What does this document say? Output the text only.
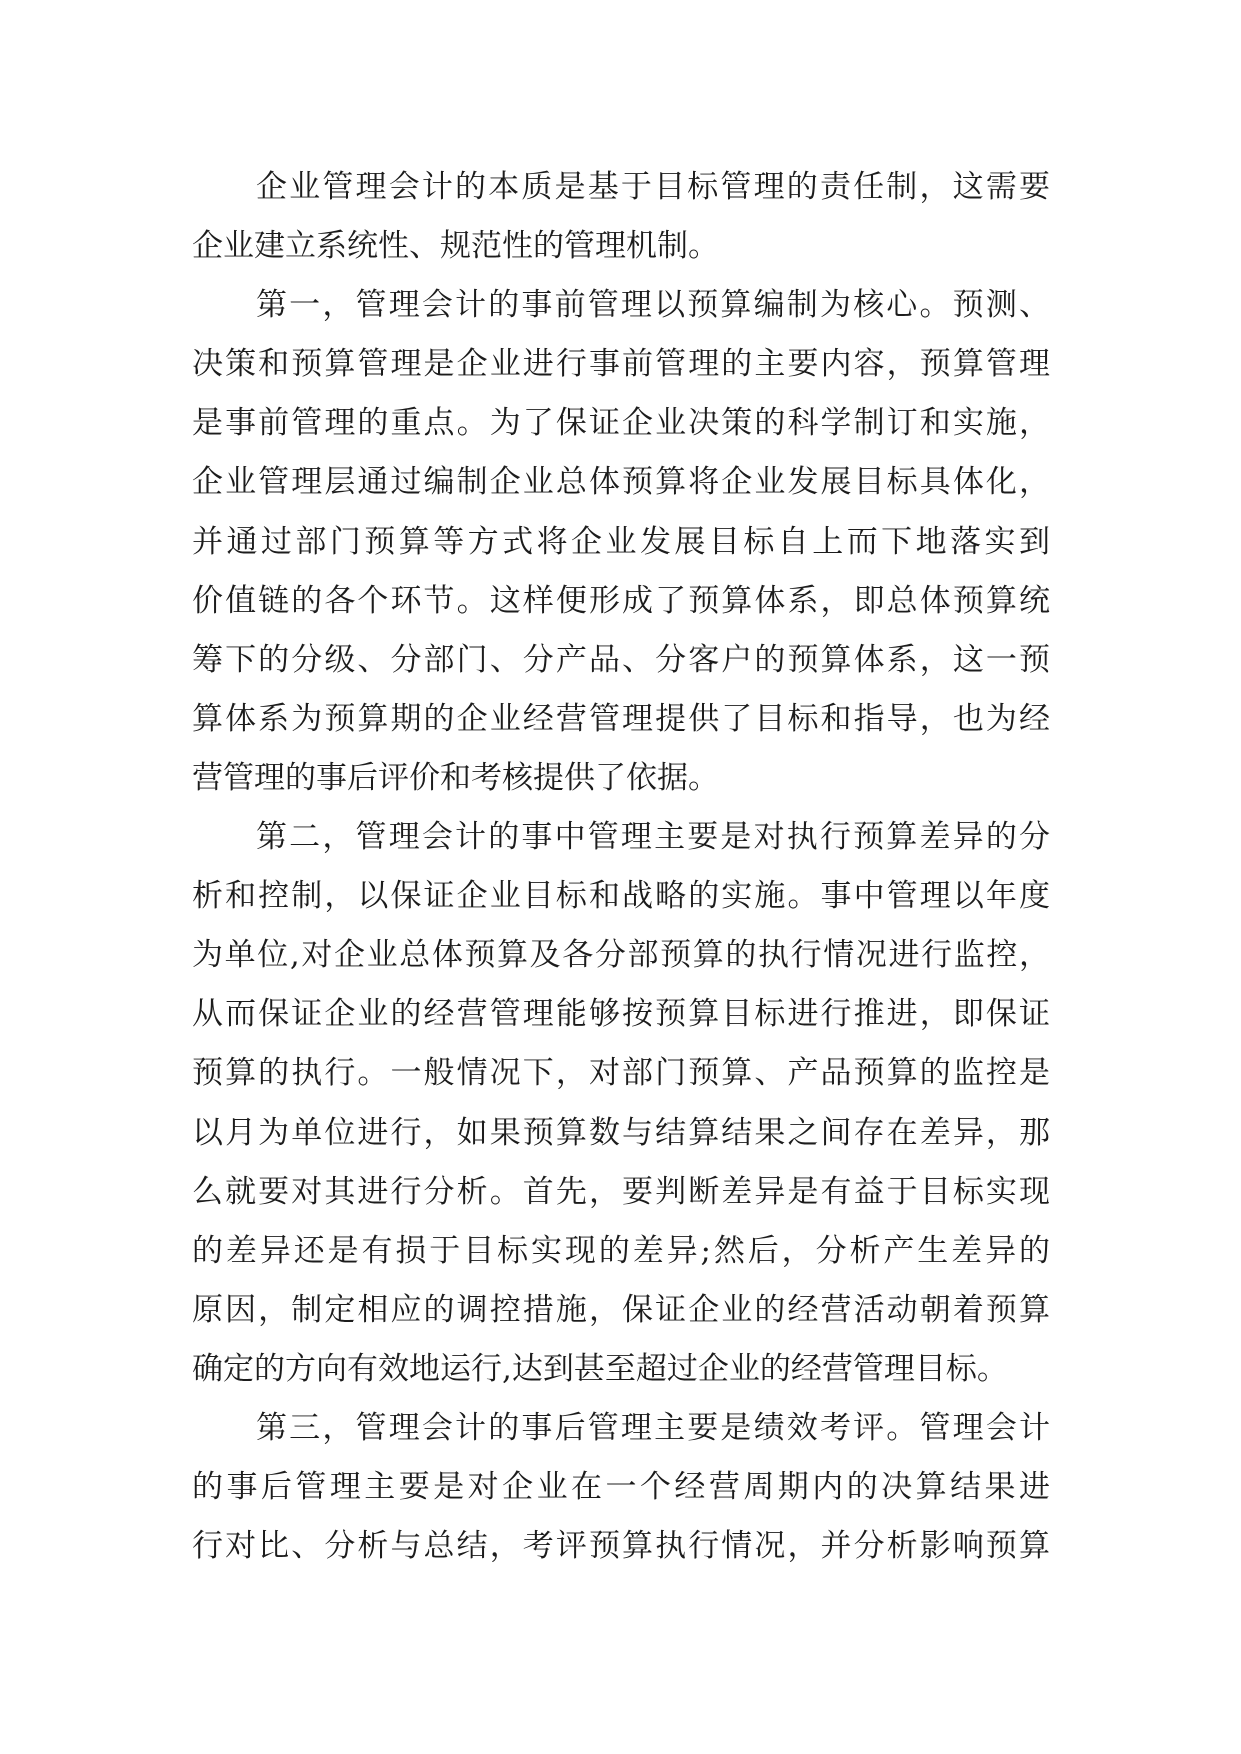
企业管理会计的本质是基于目标管理的责任制，这需要
企业建立系统性、规范性的管理机制。
第一，管理会计的事前管理以预算编制为核心。预测、
决策和预算管理是企业进行事前管理的主要内容，预算管理
是事前管理的重点。为了保证企业决策的科学制订和实施，
企业管理层通过编制企业总体预算将企业发展目标具体化，
并通过部门预算等方式将企业发展目标自上而下地落实到
价值链的各个环节。这样便形成了预算体系，即总体预算统
筹下的分级、分部门、分产品、分客户的预算体系，这一预
算体系为预算期的企业经营管理提供了目标和指导，也为经
营管理的事后评价和考核提供了依据。
第二，管理会计的事中管理主要是对执行预算差异的分
析和控制，以保证企业目标和战略的实施。事中管理以年度
为单位,对企业总体预算及各分部预算的执行情况进行监控，
从而保证企业的经营管理能够按预算目标进行推进，即保证
预算的执行。一般情况下，对部门预算、产品预算的监控是
以月为单位进行，如果预算数与结算结果之间存在差异，那
么就要对其进行分析。首先，要判断差异是有益于目标实现
的差异还是有损于目标实现的差异;然后，分析产生差异的
原因，制定相应的调控措施，保证企业的经营活动朝着预算
确定的方向有效地运行,达到甚至超过企业的经营管理目标。
第三，管理会计的事后管理主要是绩效考评。管理会计
的事后管理主要是对企业在一个经营周期内的决算结果进
行对比、分析与总结，考评预算执行情况，并分析影响预算
